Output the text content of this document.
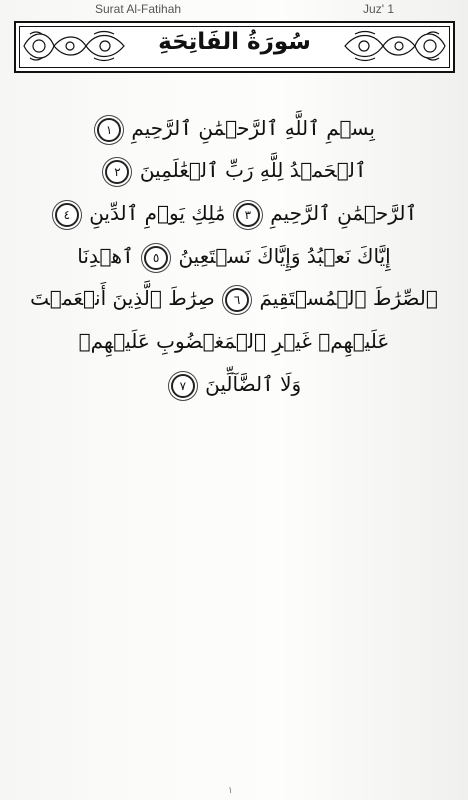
Surat Al-Fatihah	Juz' 1
سُورَةُ الفَاتِحَةِ
بِسۡمِ ٱللَّهِ ٱلرَّحۡمَٰنِ ٱلرَّحِيمِ
١
ٱلۡحَمۡدُ لِلَّهِ رَبِّ ٱلۡعَٰلَمِينَ
٢
ٱلرَّحۡمَٰنِ ٱلرَّحِيمِ
٣
مَٰلِكِ يَوۡمِ ٱلدِّينِ
٤
إِيَّاكَ نَعۡبُدُ وَإِيَّاكَ نَسۡتَعِينُ
٥
ٱهۡدِنَا
ٱلصِّرَٰطَ ٱلۡمُسۡتَقِيمَ
٦
صِرَٰطَ ٱلَّذِينَ أَنۡعَمۡتَ
عَلَيۡهِمۡ غَيۡرِ ٱلۡمَغۡضُوبِ عَلَيۡهِمۡ
وَلَا ٱلضَّآلِّينَ
٧
١
